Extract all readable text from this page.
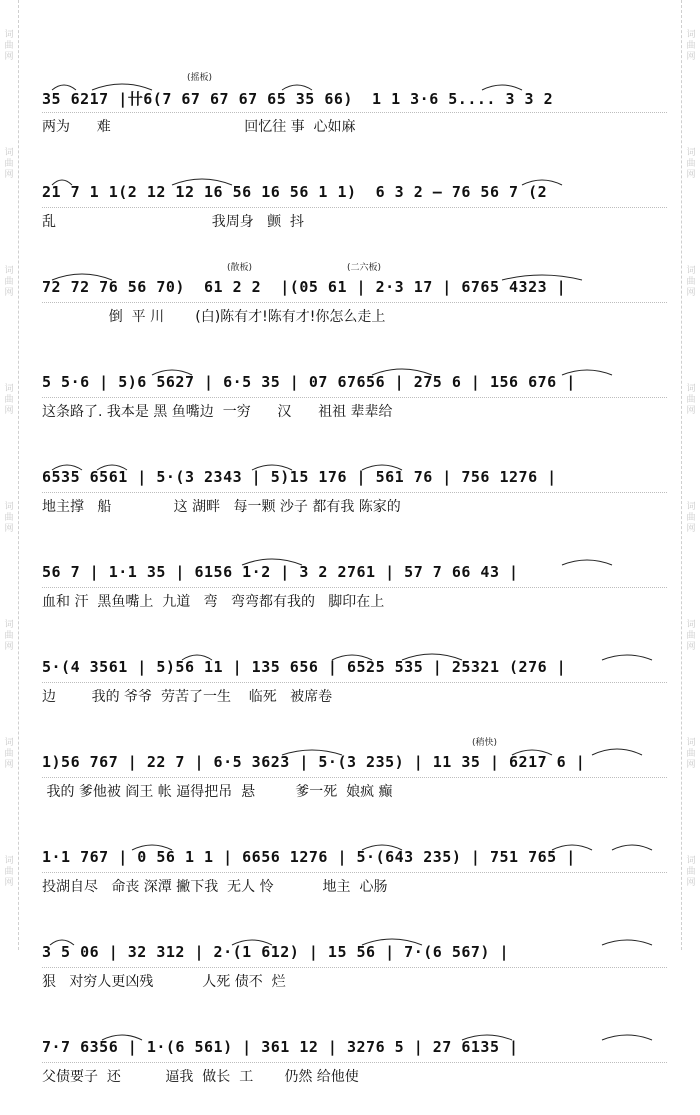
词
曲
网
词
曲
网
词
曲
网
词
曲
网
词
曲
网
词
曲
网
词
曲
网
词
曲
网
词
曲
网
词
曲
网
词
曲
网
词
曲
网
词
曲
网
词
曲
网
词
曲
网
词
曲
网
(摇板)
35 6217 |卄6(7 67 67 67 65 35 66)  1 1 3·6 5.... 3 3 2
两为      难                              回忆往 事  心如麻
21 7 1 1(2 12 12 16 56 16 56 1 1)  6 3 2 – 76 56 7 (2
乱                                   我周身   颤  抖
(散板)	(二六板)
72 72 76 56 70)  61 2 2  |(05 61 | 2·3 17 | 6765 4323 |
倒  平 川       (白)陈有才!陈有才!你怎么走上
5 5·6 | 5)6 5627 | 6·5 35 | 07 67656 | 275 6 | 156 676 |
这条路了. 我本是 黑 鱼嘴边  一穷      汉      祖祖 辈辈给
6535 6561 | 5·(3 2343 | 5)15 176 | 561 76 | 756 1276 |
地主撑   船              这 湖畔   每一颗 沙子 都有我 陈家的
56 7 | 1·1 35 | 6156 1·2 | 3 2 2761 | 57 7 66 43 |
血和 汗  黑鱼嘴上  九道   弯   弯弯都有我的   脚印在上
5·(4 3561 | 5)56 11 | 135 656 | 6525 535 | 25321 (276 |
边        我的 爷爷  劳苦了一生    临死   被席卷
(稍快)
1)56 767 | 22 7 | 6·5 3623 | 5·(3 235) | 11 35 | 6217 6 |
我的 爹他被 阎王 帐 逼得把吊  悬         爹一死  娘疯 癫
1·1 767 | 0 56 1 1 | 6656 1276 | 5·(643 235) | 751 765 |
投湖自尽   命丧 深潭 撇下我  无人 怜           地主  心肠
3 5 06 | 32 312 | 2·(1 612) | 15 56 | 7·(6 567) |
狠   对穷人更凶残           人死 债不  烂
7·7 6356 | 1·(6 561) | 361 12 | 3276 5 | 27 6135 |
父债要子  还          逼我  做长  工       仍然 给他使
